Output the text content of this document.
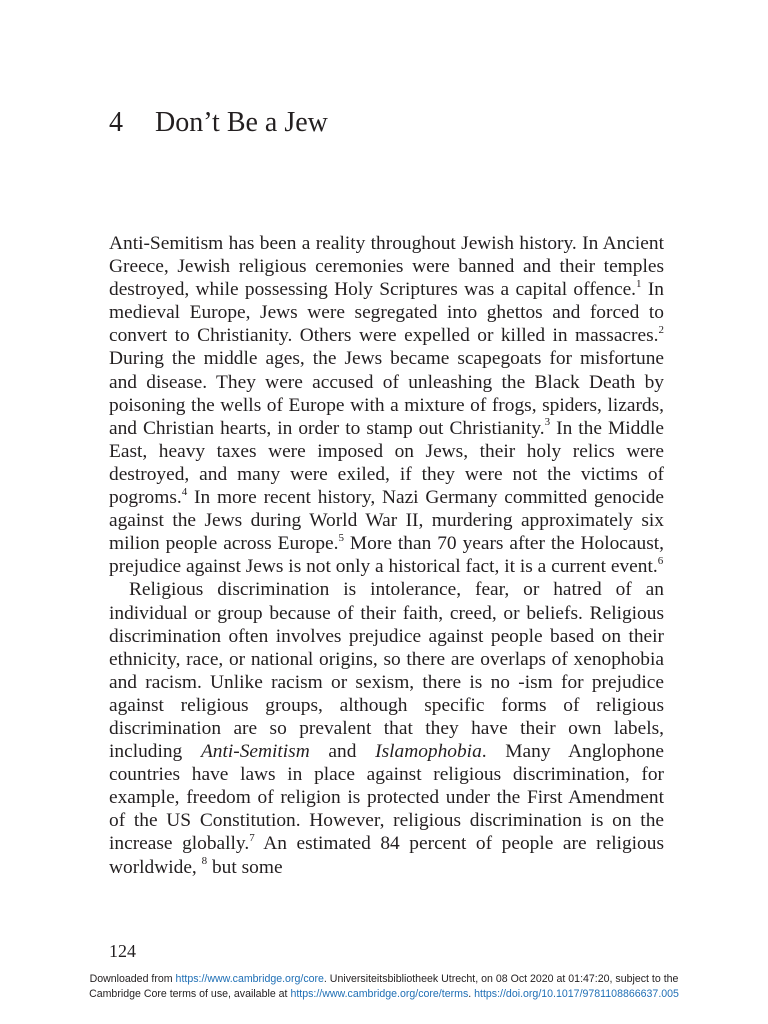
4 Don’t Be a Jew

Anti-Semitism has been a reality throughout Jewish history. In Ancient Greece, Jewish religious ceremonies were banned and their temples destroyed, while possessing Holy Scriptures was a capital offence.$^1$ In medieval Europe, Jews were segregated into ghettos and forced to convert to Christianity. Others were expelled or killed in massacres.$^2$ During the middle ages, the Jews became scapegoats for misfortune and disease. They were accused of unleashing the Black Death by poisoning the wells of Europe with a mixture of frogs, spiders, lizards, and Christian hearts, in order to stamp out Christianity.$^3$ In the Middle East, heavy taxes were imposed on Jews, their holy relics were destroyed, and many were exiled, if they were not the victims of pogroms.$^4$ In more recent history, Nazi Germany committed genocide against the Jews during World War II, murdering approximately six milion people across Europe.$^5$ More than 70 years after the Holocaust, prejudice against Jews is not only a historical fact, it is a current event.$^6$

Religious discrimination is intolerance, fear, or hatred of an individual or group because of their faith, creed, or beliefs. Religious discrimination often involves prejudice against people based on their ethnicity, race, or national origins, so there are overlaps of xenophobia and racism. Unlike racism or sexism, there is no -ism for prejudice against religious groups, although specific forms of religious discrimination are so prevalent that they have their own labels, including Anti-Semitism and Islamophobia. Many Anglophone countries have laws in place against religious discrimination, for example, freedom of religion is protected under the First Amendment of the US Constitution. However, religious discrimination is on the increase globally.$^7$ An estimated 84 percent of people are religious worldwide, $^8$ but some

124
Downloaded from https://www.cambridge.org/core. Universiteitsbibliotheek Utrecht, on 08 Oct 2020 at 01:47:20, subject to the
Cambridge Core terms of use, available at https://www.cambridge.org/core/terms. https://doi.org/10.1017/9781108866637.005
